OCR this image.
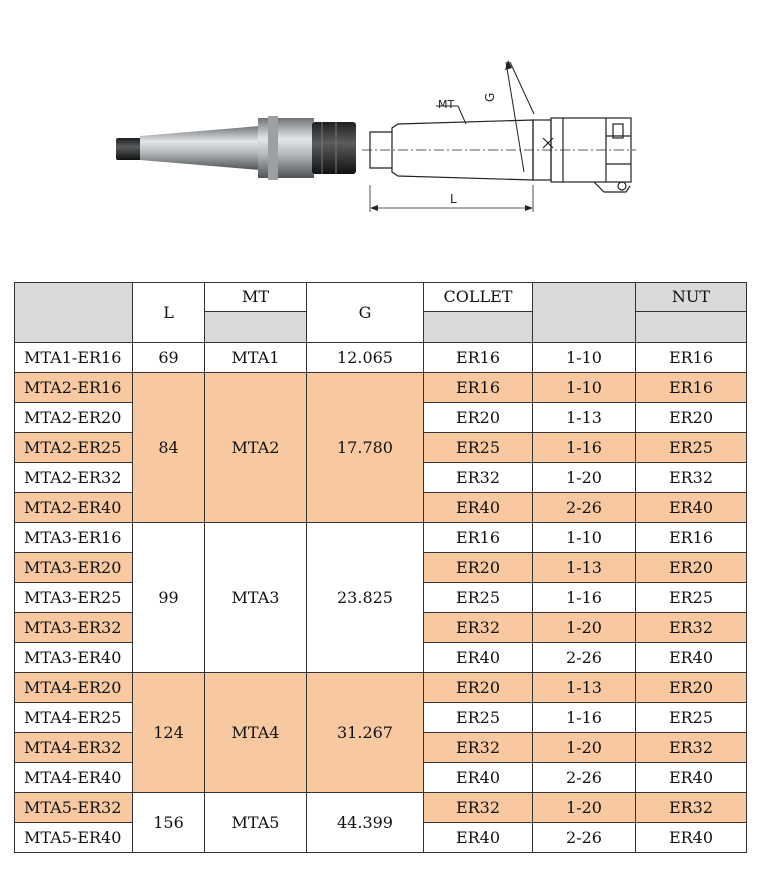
MT
G
L
	L	MT	G	COLLET		NUT

MTA1-ER16	69	MTA1	12.065	ER16	1-10	ER16
MTA2-ER16	84	MTA2	17.780	ER16	1-10	ER16
MTA2-ER20				ER20	1-13	ER20
MTA2-ER25				ER25	1-16	ER25
MTA2-ER32				ER32	1-20	ER32
MTA2-ER40				ER40	2-26	ER40
MTA3-ER16	99	MTA3	23.825	ER16	1-10	ER16
MTA3-ER20				ER20	1-13	ER20
MTA3-ER25				ER25	1-16	ER25
MTA3-ER32				ER32	1-20	ER32
MTA3-ER40				ER40	2-26	ER40
MTA4-ER20	124	MTA4	31.267	ER20	1-13	ER20
MTA4-ER25				ER25	1-16	ER25
MTA4-ER32				ER32	1-20	ER32
MTA4-ER40				ER40	2-26	ER40
MTA5-ER32	156	MTA5	44.399	ER32	1-20	ER32
MTA5-ER40				ER40	2-26	ER40
